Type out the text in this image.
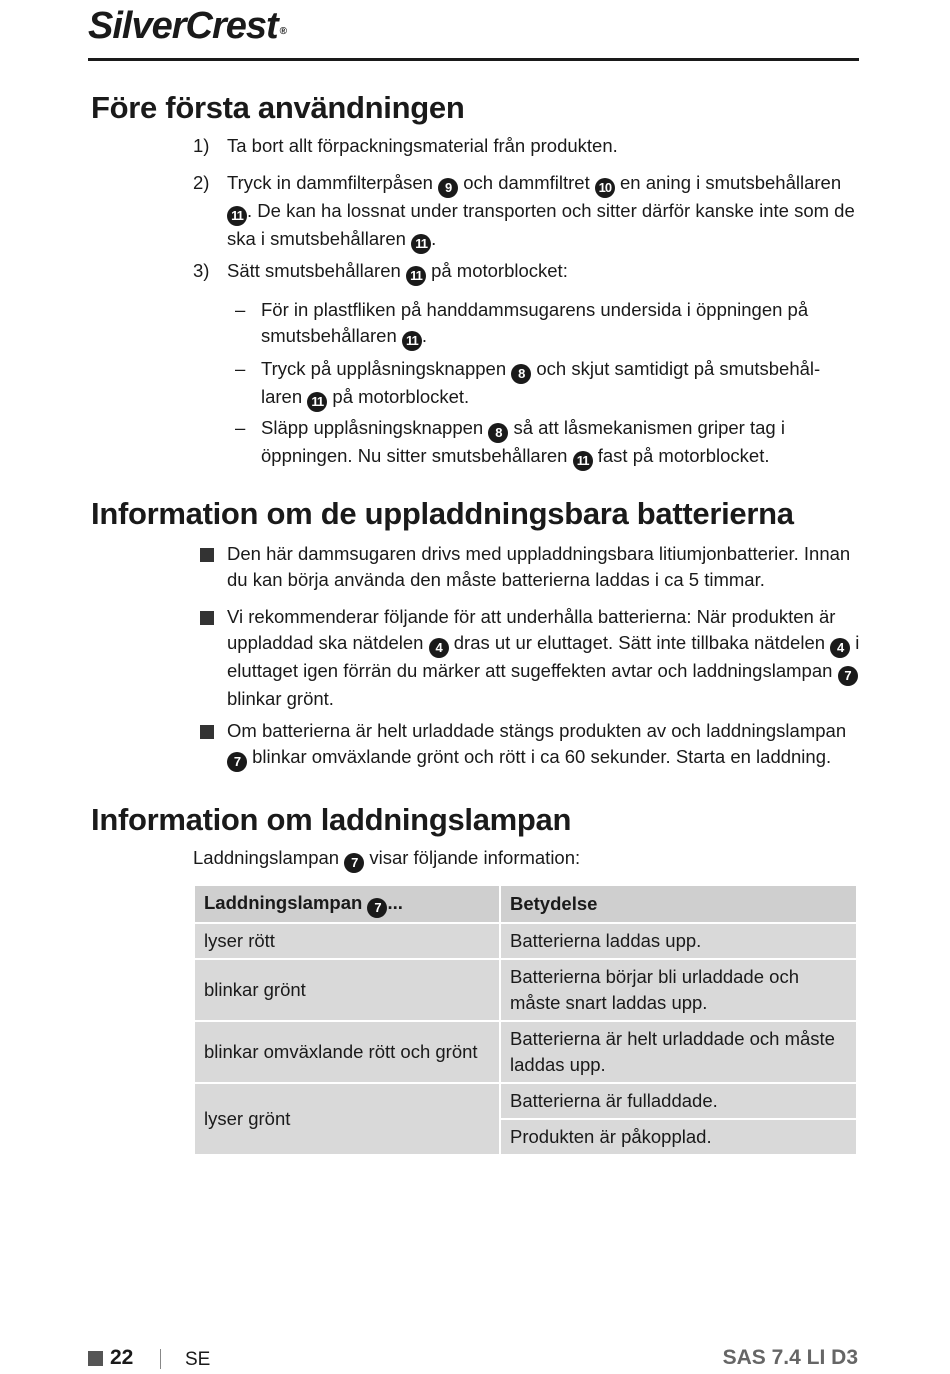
SilverCrest ®
Före första användningen
1) Ta bort allt förpackningsmaterial från produkten.
2) Tryck in dammfilterpåsen 9 och dammfiltret 10 en aning i smutsbehållaren 11 . De kan ha lossnat under transporten och sitter därför kanske inte som de ska i smutsbehållaren 11 .
3) Sätt smutsbehållaren 11 på motorblocket:
– För in plastfliken på handdammsugarens undersida i öppningen på smutsbehållaren 11 .
– Tryck på upplåsningsknappen 8 och skjut samtidigt på smutsbehållaren 11 på motorblocket.
– Släpp upplåsningsknappen 8 så att låsmekanismen griper tag i öppningen. Nu sitter smutsbehållaren 11 fast på motorblocket.
Information om de uppladdningsbara batterierna
Den här dammsugaren drivs med uppladdningsbara litiumjonbatterier. Innan du kan börja använda den måste batterierna laddas i ca 5 timmar.
Vi rekommenderar följande för att underhålla batterierna: När produkten är uppladdad ska nätdelen 4 dras ut ur eluttaget. Sätt inte tillbaka nätdelen 4 i eluttaget igen förrän du märker att sugeffekten avtar och laddningslampan 7 blinkar grönt.
Om batterierna är helt urladdade stängs produkten av och laddningslampan 7 blinkar omväxlande grönt och rött i ca 60 sekunder. Starta en laddning.
Information om laddningslampan
Laddningslampan 7 visar följande information:
Laddningslampan 7 ...	Betydelse
lyser rött	Batterierna laddas upp.
blinkar grönt	Batterierna börjar bli urladdade och måste snart laddas upp.
blinkar omväxlande rött och grönt	Batterierna är helt urladdade och måste laddas upp.
lyser grönt	Batterierna är fulladdade.
	Produkten är påkopplad.
22	SE	SAS 7.4 LI D3
